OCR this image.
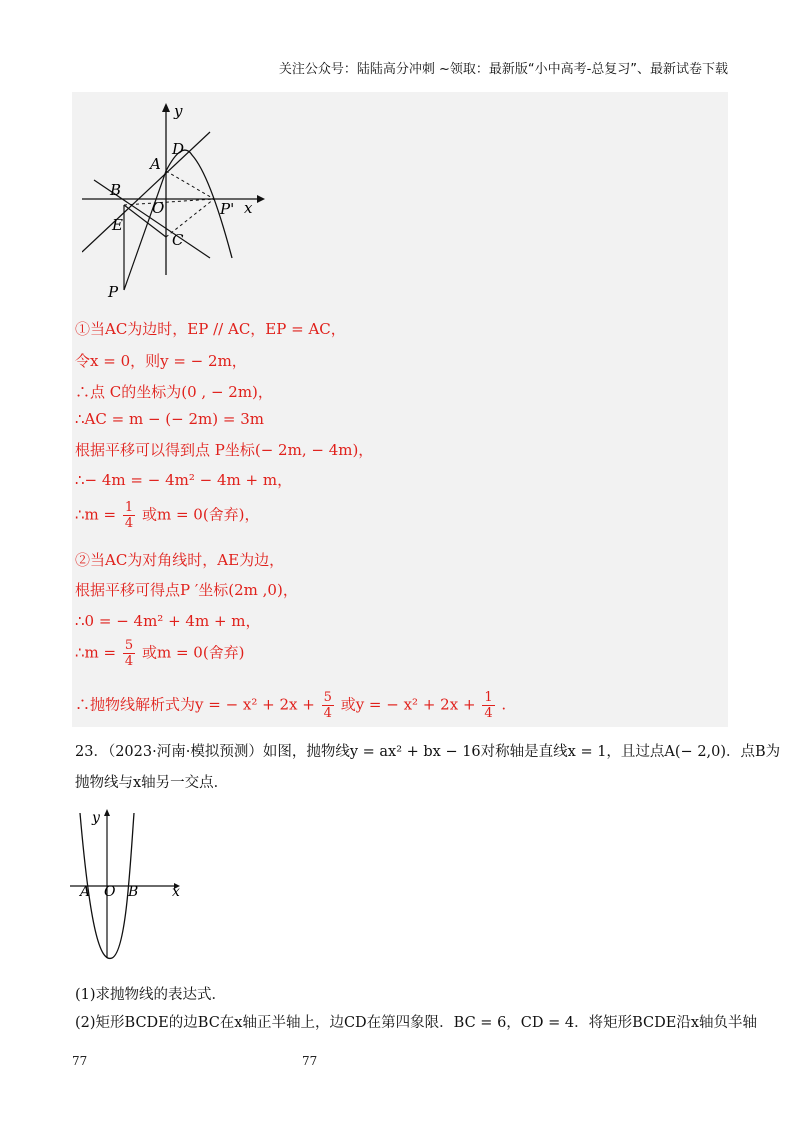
关注公众号：陆陆高分冲刺 ~领取：最新版“小中高考-总复习”、最新试卷下载
y
x
A
D
B
O
E
C
P
P'
①当AC为边时，EP // AC，EP = AC，
令x = 0，则y = − 2m，
∴点 C的坐标为(0 , − 2m)，
∴AC = m − (− 2m) = 3m
根据平移可以得到点 P坐标(− 2m, − 4m)，
∴− 4m = − 4m² − 4m + m，
∴m = $\frac{1}{4}$ 或m = 0(舍弃)，
②当AC为对角线时，AE为边，
根据平移可得点P ′坐标(2m ,0)，
∴0 = − 4m² + 4m + m，
∴m = $\frac{5}{4}$ 或m = 0(舍弃)
∴抛物线解析式为y = − $x^2 + 2x + \frac{5}{4}$ 或y = − $x^2 + 2x + \frac{1}{4}$ .
23．（2023·河南·模拟预测）如图，抛物线y = ax² + bx − 16对称轴是直线x = 1，且过点A(− 2,0)．点B为
抛物线与x轴另一交点．
y
x
A O B
(1)求抛物线的表达式．
(2)矩形BCDE的边BC在x轴正半轴上，边CD在第四象限．BC = 6，CD = 4．将矩形BCDE沿x轴负半轴
77	77
